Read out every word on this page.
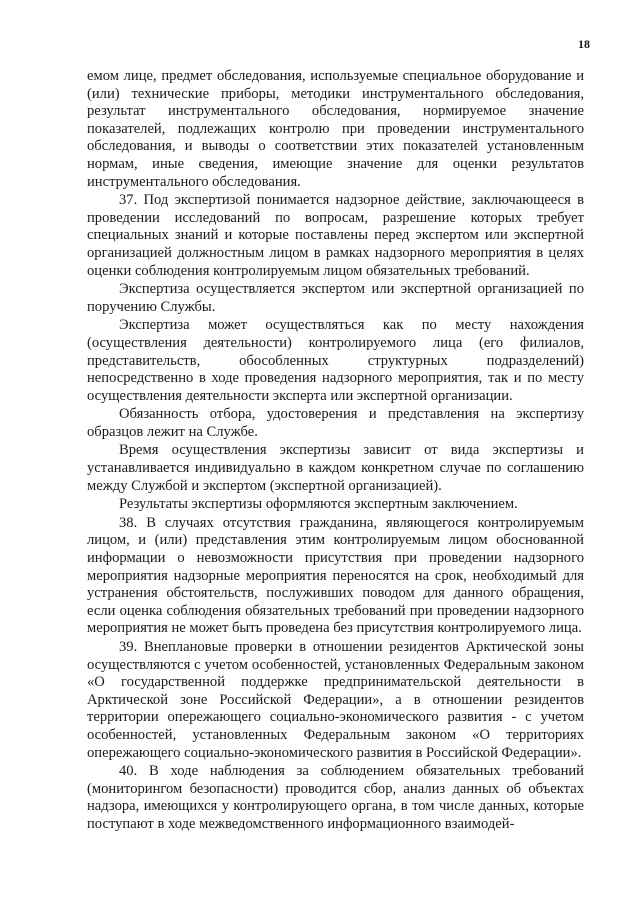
18

емом лице, предмет обследования, используемые специальное оборудование и (или) технические приборы, методики инструментального обследования, результат инструментального обследования, нормируемое значение показателей, подлежащих контролю при проведении инструментального обследования, и выводы о соответствии этих показателей установленным нормам, иные сведения, имеющие значение для оценки результатов инструментального обследования.

37. Под экспертизой понимается надзорное действие, заключающееся в проведении исследований по вопросам, разрешение которых требует специальных знаний и которые поставлены перед экспертом или экспертной организацией должностным лицом в рамках надзорного мероприятия в целях оценки соблюдения контролируемым лицом обязательных требований.

Экспертиза осуществляется экспертом или экспертной организацией по поручению Службы.

Экспертиза может осуществляться как по месту нахождения (осуществления деятельности) контролируемого лица (его филиалов, представительств, обособленных структурных подразделений) непосредственно в ходе проведения надзорного мероприятия, так и по месту осуществления деятельности эксперта или экспертной организации.

Обязанность отбора, удостоверения и представления на экспертизу образцов лежит на Службе.

Время осуществления экспертизы зависит от вида экспертизы и устанавливается индивидуально в каждом конкретном случае по соглашению между Службой и экспертом (экспертной организацией).

Результаты экспертизы оформляются экспертным заключением.

38. В случаях отсутствия гражданина, являющегося контролируемым лицом, и (или) представления этим контролируемым лицом обоснованной информации о невозможности присутствия при проведении надзорного мероприятия надзорные мероприятия переносятся на срок, необходимый для устранения обстоятельств, послуживших поводом для данного обращения, если оценка соблюдения обязательных требований при проведении надзорного мероприятия не может быть проведена без присутствия контролируемого лица.

39. Внеплановые проверки в отношении резидентов Арктической зоны осуществляются с учетом особенностей, установленных Федеральным законом «О государственной поддержке предпринимательской деятельности в Арктической зоне Российской Федерации», а в отношении резидентов территории опережающего социально-экономического развития - с учетом особенностей, установленных Федеральным законом «О территориях опережающего социально-экономического развития в Российской Федерации».

40. В ходе наблюдения за соблюдением обязательных требований (мониторингом безопасности) проводится сбор, анализ данных об объектах надзора, имеющихся у контролирующего органа, в том числе данных, которые поступают в ходе межведомственного информационного взаимодей-
